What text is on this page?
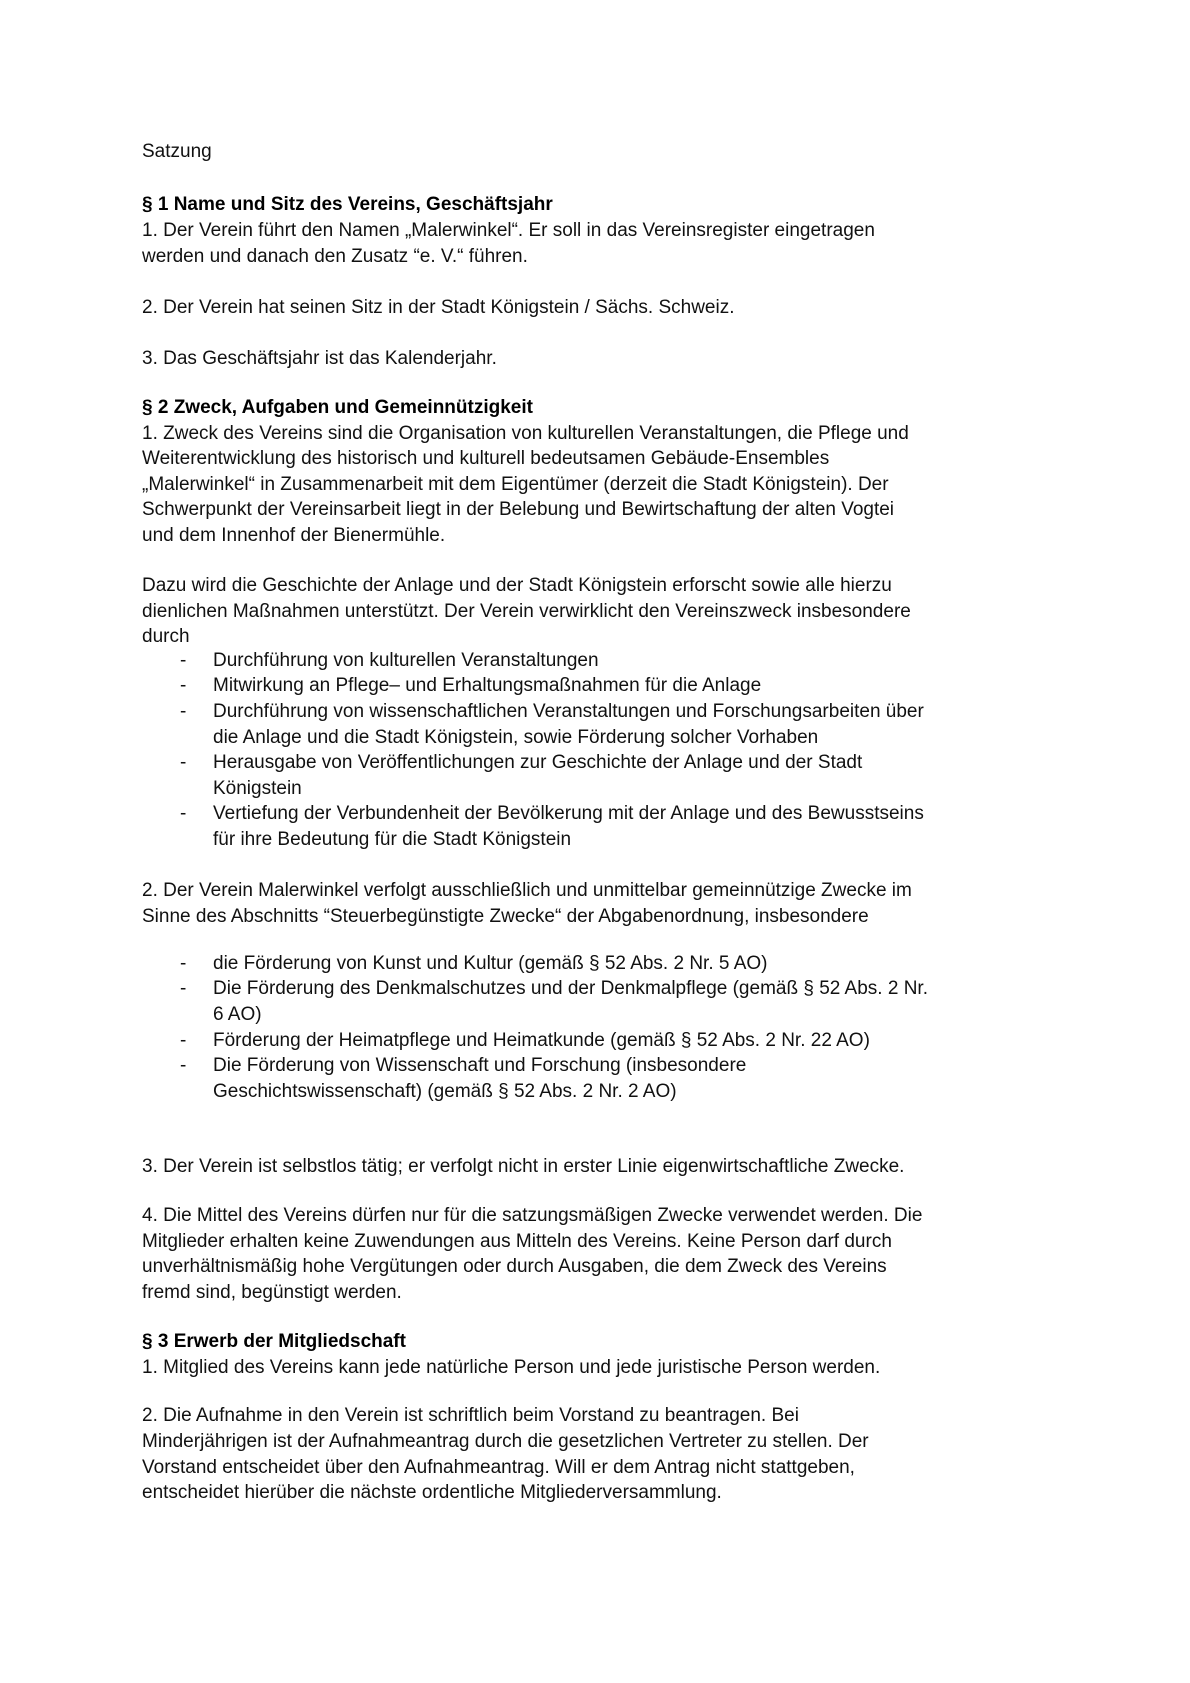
Satzung
§ 1 Name und Sitz des Vereins, Geschäftsjahr
1. Der Verein führt den Namen „Malerwinkel“. Er soll in das Vereinsregister eingetragen
werden und danach den Zusatz “e. V.“ führen.
2. Der Verein hat seinen Sitz in der Stadt Königstein / Sächs. Schweiz.
3. Das Geschäftsjahr ist das Kalenderjahr.
§ 2 Zweck, Aufgaben und Gemeinnützigkeit
1. Zweck des Vereins sind die Organisation von kulturellen Veranstaltungen, die Pflege und
Weiterentwicklung des historisch und kulturell bedeutsamen Gebäude-Ensembles
„Malerwinkel“ in Zusammenarbeit mit dem Eigentümer (derzeit die Stadt Königstein). Der
Schwerpunkt der Vereinsarbeit liegt in der Belebung und Bewirtschaftung der alten Vogtei
und dem Innenhof der Bienermühle.
Dazu wird die Geschichte der Anlage und der Stadt Königstein erforscht sowie alle hierzu
dienlichen Maßnahmen unterstützt. Der Verein verwirklicht den Vereinszweck insbesondere
durch
- Durchführung von kulturellen Veranstaltungen
- Mitwirkung an Pflege– und Erhaltungsmaßnahmen für die Anlage
- Durchführung von wissenschaftlichen Veranstaltungen und Forschungsarbeiten über
die Anlage und die Stadt Königstein, sowie Förderung solcher Vorhaben
- Herausgabe von Veröffentlichungen zur Geschichte der Anlage und der Stadt
Königstein
- Vertiefung der Verbundenheit der Bevölkerung mit der Anlage und des Bewusstseins
für ihre Bedeutung für die Stadt Königstein
2. Der Verein Malerwinkel verfolgt ausschließlich und unmittelbar gemeinnützige Zwecke im
Sinne des Abschnitts “Steuerbegünstigte Zwecke“ der Abgabenordnung, insbesondere
- die Förderung von Kunst und Kultur (gemäß § 52 Abs. 2 Nr. 5 AO)
- Die Förderung des Denkmalschutzes und der Denkmalpflege (gemäß § 52 Abs. 2 Nr.
6 AO)
- Förderung der Heimatpflege und Heimatkunde (gemäß § 52 Abs. 2 Nr. 22 AO)
- Die Förderung von Wissenschaft und Forschung (insbesondere
Geschichtswissenschaft) (gemäß § 52 Abs. 2 Nr. 2 AO)
3. Der Verein ist selbstlos tätig; er verfolgt nicht in erster Linie eigenwirtschaftliche Zwecke.
4. Die Mittel des Vereins dürfen nur für die satzungsmäßigen Zwecke verwendet werden. Die
Mitglieder erhalten keine Zuwendungen aus Mitteln des Vereins. Keine Person darf durch
unverhältnismäßig hohe Vergütungen oder durch Ausgaben, die dem Zweck des Vereins
fremd sind, begünstigt werden.
§ 3 Erwerb der Mitgliedschaft
1. Mitglied des Vereins kann jede natürliche Person und jede juristische Person werden.
2. Die Aufnahme in den Verein ist schriftlich beim Vorstand zu beantragen. Bei
Minderjährigen ist der Aufnahmeantrag durch die gesetzlichen Vertreter zu stellen. Der
Vorstand entscheidet über den Aufnahmeantrag. Will er dem Antrag nicht stattgeben,
entscheidet hierüber die nächste ordentliche Mitgliederversammlung.
